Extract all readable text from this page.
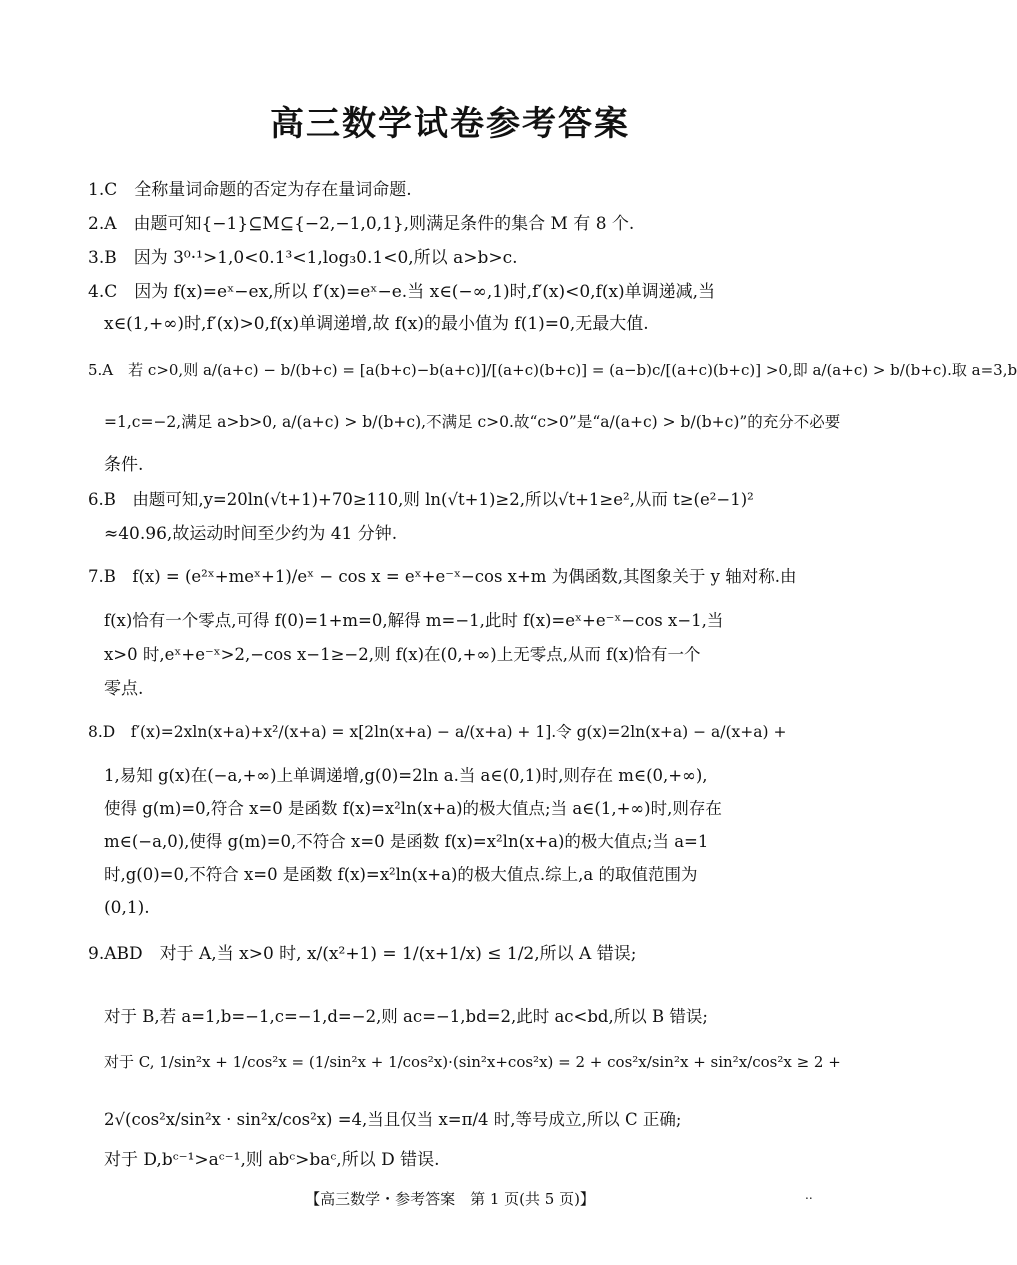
高三数学试卷参考答案
1.C　全称量词命题的否定为存在量词命题.
2.A　由题可知{−1}⊆M⊆{−2,−1,0,1},则满足条件的集合 M 有 8 个.
3.B　因为 3⁰·¹>1,0<0.1³<1,log₃0.1<0,所以 a>b>c.
4.C　因为 f(x)=eˣ−ex,所以 f′(x)=eˣ−e.当 x∈(−∞,1)时,f′(x)<0,f(x)单调递减,当
x∈(1,+∞)时,f′(x)>0,f(x)单调递增,故 f(x)的最小值为 f(1)=0,无最大值.
5.A　若 c>0,则 a/(a+c) − b/(b+c) = [a(b+c)−b(a+c)]/[(a+c)(b+c)] = (a−b)c/[(a+c)(b+c)] >0,即 a/(a+c) > b/(b+c).取 a=3,b
=1,c=−2,满足 a>b>0, a/(a+c) > b/(b+c),不满足 c>0.故“c>0”是“a/(a+c) > b/(b+c)”的充分不必要
条件.
6.B　由题可知,y=20ln(√t+1)+70≥110,则 ln(√t+1)≥2,所以√t+1≥e²,从而 t≥(e²−1)²
≈40.96,故运动时间至少约为 41 分钟.
7.B　f(x) = (e²ˣ+meˣ+1)/eˣ − cos x = eˣ+e⁻ˣ−cos x+m 为偶函数,其图象关于 y 轴对称.由
f(x)恰有一个零点,可得 f(0)=1+m=0,解得 m=−1,此时 f(x)=eˣ+e⁻ˣ−cos x−1,当
x>0 时,eˣ+e⁻ˣ>2,−cos x−1≥−2,则 f(x)在(0,+∞)上无零点,从而 f(x)恰有一个
零点.
8.D　f′(x)=2xln(x+a)+x²/(x+a) = x[2ln(x+a) − a/(x+a) + 1].令 g(x)=2ln(x+a) − a/(x+a) +
1,易知 g(x)在(−a,+∞)上单调递增,g(0)=2ln a.当 a∈(0,1)时,则存在 m∈(0,+∞),
使得 g(m)=0,符合 x=0 是函数 f(x)=x²ln(x+a)的极大值点;当 a∈(1,+∞)时,则存在
m∈(−a,0),使得 g(m)=0,不符合 x=0 是函数 f(x)=x²ln(x+a)的极大值点;当 a=1
时,g(0)=0,不符合 x=0 是函数 f(x)=x²ln(x+a)的极大值点.综上,a 的取值范围为
(0,1).
9.ABD　对于 A,当 x>0 时, x/(x²+1) = 1/(x+1/x) ≤ 1/2,所以 A 错误;
对于 B,若 a=1,b=−1,c=−1,d=−2,则 ac=−1,bd=2,此时 ac<bd,所以 B 错误;
对于 C, 1/sin²x + 1/cos²x = (1/sin²x + 1/cos²x)·(sin²x+cos²x) = 2 + cos²x/sin²x + sin²x/cos²x ≥ 2 +
2√(cos²x/sin²x · sin²x/cos²x) =4,当且仅当 x=π/4 时,等号成立,所以 C 正确;
对于 D,bᶜ⁻¹>aᶜ⁻¹,则 abᶜ>baᶜ,所以 D 错误.
【高三数学・参考答案　第 1 页(共 5 页)】	..
